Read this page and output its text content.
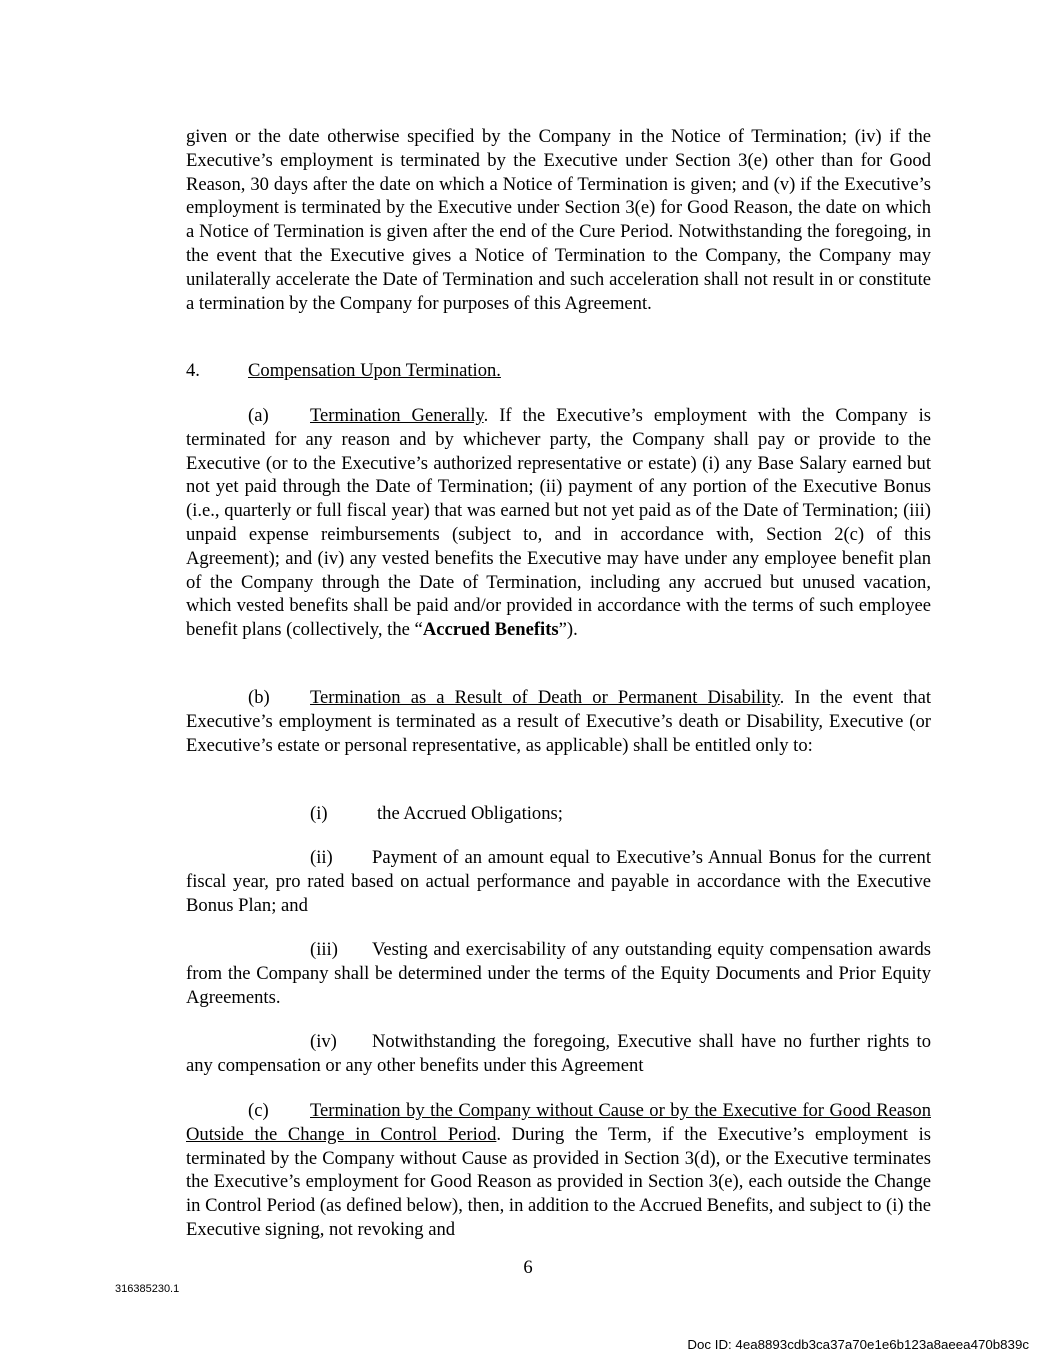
given or the date otherwise specified by the Company in the Notice of Termination; (iv) if the Executive’s employment is terminated by the Executive under Section 3(e) other than for Good Reason, 30 days after the date on which a Notice of Termination is given; and (v) if the Executive’s employment is terminated by the Executive under Section 3(e) for Good Reason, the date on which a Notice of Termination is given after the end of the Cure Period. Notwithstanding the foregoing, in the event that the Executive gives a Notice of Termination to the Company, the Company may unilaterally accelerate the Date of Termination and such acceleration shall not result in or constitute a termination by the Company for purposes of this Agreement.

4.	Compensation Upon Termination.

(a) Termination Generally. If the Executive’s employment with the Company is terminated for any reason and by whichever party, the Company shall pay or provide to the Executive (or to the Executive’s authorized representative or estate) (i) any Base Salary earned but not yet paid through the Date of Termination; (ii) payment of any portion of the Executive Bonus (i.e., quarterly or full fiscal year) that was earned but not yet paid as of the Date of Termination; (iii) unpaid expense reimbursements (subject to, and in accordance with, Section 2(c) of this Agreement); and (iv) any vested benefits the Executive may have under any employee benefit plan of the Company through the Date of Termination, including any accrued but unused vacation, which vested benefits shall be paid and/or provided in accordance with the terms of such employee benefit plans (collectively, the “Accrued Benefits”).

(b) Termination as a Result of Death or Permanent Disability. In the event that Executive’s employment is terminated as a result of Executive’s death or Disability, Executive (or Executive’s estate or personal representative, as applicable) shall be entitled only to:

(i)	the Accrued Obligations;

(ii) Payment of an amount equal to Executive’s Annual Bonus for the current fiscal year, pro rated based on actual performance and payable in accordance with the Executive Bonus Plan; and

(iii) Vesting and exercisability of any outstanding equity compensation awards from the Company shall be determined under the terms of the Equity Documents and Prior Equity Agreements.

(iv) Notwithstanding the foregoing, Executive shall have no further rights to any compensation or any other benefits under this Agreement

(c) Termination by the Company without Cause or by the Executive for Good Reason Outside the Change in Control Period. During the Term, if the Executive’s employment is terminated by the Company without Cause as provided in Section 3(d), or the Executive terminates the Executive’s employment for Good Reason as provided in Section 3(e), each outside the Change in Control Period (as defined below), then, in addition to the Accrued Benefits, and subject to (i) the Executive signing, not revoking and

6
316385230.1
Doc ID: 4ea8893cdb3ca37a70e1e6b123a8aeea470b839c
